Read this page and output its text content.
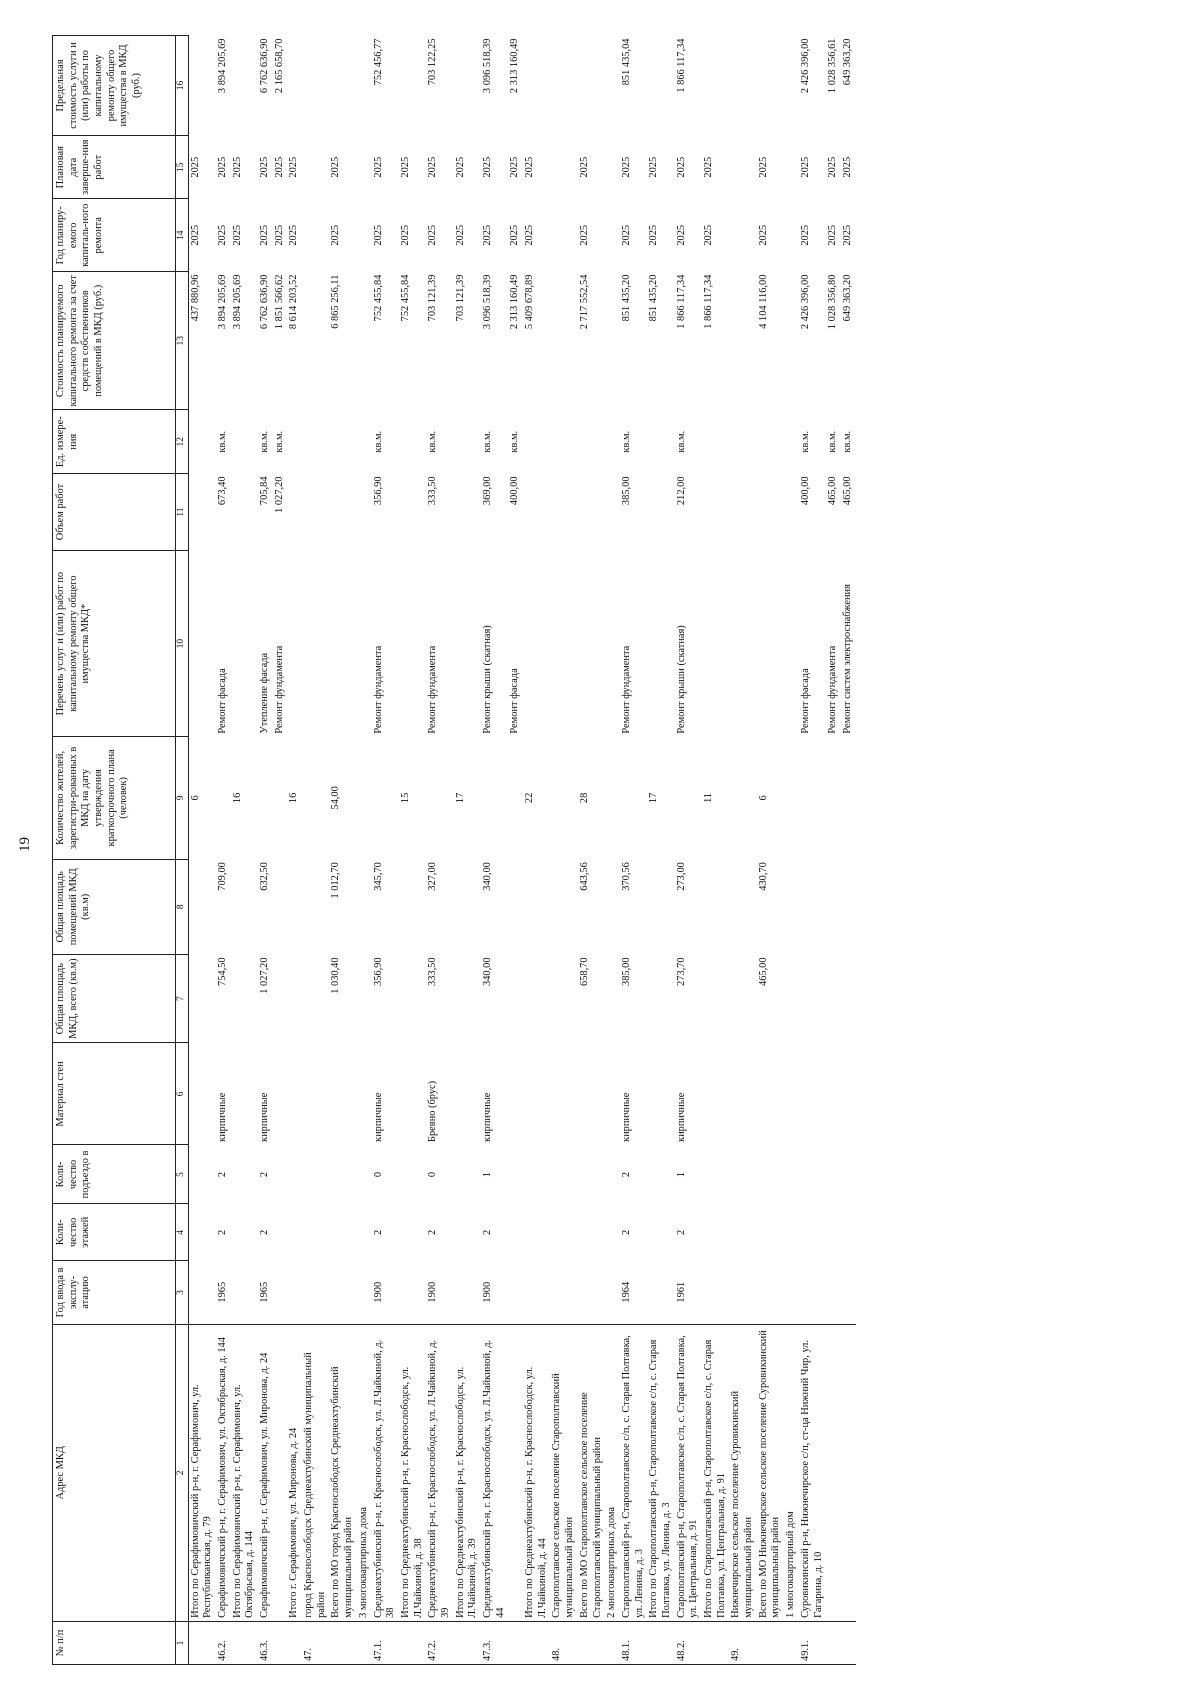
19
№ п/п	Адрес МКД	Год ввода в эксплу-атацию	Коли-чество этажей	Коли-чество подъездо в	Материал стен	Общая площадь МКД, всего (кв.м)	Общая площадь помещений МКД (кв.м)	Количество жителей, зарегистри-рованных в МКД на дату утверждения краткосрочного плана (человек)	Перечень услуг и (или) работ по капитальному ремонту общего имущества МКД*	Объем работ	Ед. измере-ния	Стоимость планируемого капитального ремонта за счет средств собственников помещений в МКД (руб.)	Год планиру-емого капиталь-ного ремонта	Плановая дата заверше-ния работ	Предельная стоимость услуги и (или) работы по капитальному ремонту общего имущества в МКД (руб.)
1	2	3	4	5	6	7	8	9	10	11	12	13	14	15	16
	Итого по Серафимовичский р-н, г. Серафимович, ул. Республиканская, д. 79							6				437 880,96	2025	2025	
46.2.	Серафимовичский р-н, г. Серафимович, ул. Октябрьская, д. 144	1965	2	2	кирпичные	754,50	709,00		Ремонт фасада	673,40	кв.м.	3 894 205,69	2025	2025	3 894 205,69
	Итого по Серафимовичский р-н, г. Серафимович, ул. Октябрьская, д. 144							16				3 894 205,69	2025	2025	
46.3.	Серафимовичский р-н, г. Серафимович, ул. Миронова, д. 24	1965	2	2	кирпичные	1 027,20	632,50		Утепление фасада	705,84	кв.м.	6 762 636,90	2025	2025	6 762 636,90
									Ремонт фундамента	1 027,20	кв.м.	1 851 566,62	2025	2025	2 165 658,70
	Итого г. Серафимович, ул. Миронова, д. 24							16				8 614 203,52	2025	2025	
47.	город Краснослободск Среднеахтубинский муниципальный район														
	Всего по МО город Краснослободск Среднеахтубинский муниципальный район					1 030,40	1 012,70	54,00				6 865 256,11	2025	2025	
	3 многоквартирных дома														
47.1.	Среднеахтубинский р-н, г. Краснослободск, ул. Л.Чайкиной, д. 38	1900	2	0	кирпичные	356,90	345,70		Ремонт фундамента	356,90	кв.м.	752 455,84	2025	2025	752 456,77
	Итого по Среднеахтубинский р-н, г. Краснослободск, ул. Л.Чайкиной, д. 38							15				752 455,84	2025	2025	
47.2.	Среднеахтубинский р-н, г. Краснослободск, ул. Л.Чайкиной, д. 39	1900	2	0	Бревно (брус)	333,50	327,00		Ремонт фундамента	333,50	кв.м.	703 121,39	2025	2025	703 122,25
	Итого по Среднеахтубинский р-н, г. Краснослободск, ул. Л.Чайкиной, д. 39							17				703 121,39	2025	2025	
47.3.	Среднеахтубинский р-н, г. Краснослободск, ул. Л.Чайкиной, д. 44	1900	2	1	кирпичные	340,00	340,00		Ремонт крыши (скатная)	369,00	кв.м.	3 096 518,39	2025	2025	3 096 518,39
									Ремонт фасада	400,00	кв.м.	2 313 160,49	2025	2025	2 313 160,49
	Итого по Среднеахтубинский р-н, г. Краснослободск, ул. Л.Чайкиной, д. 44							22				5 409 678,89	2025	2025	
48.	Старополтавское сельское поселение Старополтавский муниципальный район														
	Всего по МО Старополтавское сельское поселение Старополтавский муниципальный район					658,70	643,56	28				2 717 552,54	2025	2025	
	2 многоквартирных дома														
48.1.	Старополтавский р-н, Старополтавское с/п, с. Старая Полтавка, ул. Ленина, д. 3	1964	2	2	кирпичные	385,00	370,56		Ремонт фундамента	385,00	кв.м.	851 435,20	2025	2025	851 435,04
	Итого по Старополтавский р-н, Старополтавское с/п, с. Старая Полтавка, ул. Ленина, д. 3							17				851 435,20	2025	2025	
48.2.	Старополтавский р-н, Старополтавское с/п, с. Старая Полтавка, ул. Центральная, д. 91	1961	2	1	кирпичные	273,70	273,00		Ремонт крыши (скатная)	212,00	кв.м.	1 866 117,34	2025	2025	1 866 117,34
	Итого по Старополтавский р-н, Старополтавское с/п, с. Старая Полтавка, ул. Центральная, д. 91							11				1 866 117,34	2025	2025	
49.	Нижнечирское сельское поселение Суровикинский муниципальный район														
	Всего по МО Нижнечирское сельское поселение Суровикинский муниципальный район					465,00	430,70	6				4 104 116,00	2025	2025	
	1 многоквартирный дом														
49.1.	Суровикинский р-н, Нижнечирское с/п, ст-ца Нижний Чир, ул. Гагарина, д. 10								Ремонт фасада	400,00	кв.м.	2 426 396,00	2025	2025	2 426 396,00
									Ремонт фундамента	465,00	кв.м.	1 028 356,80	2025	2025	1 028 356,61
									Ремонт систем электроснабжения	465,00	кв.м.	649 363,20	2025	2025	649 363,20
